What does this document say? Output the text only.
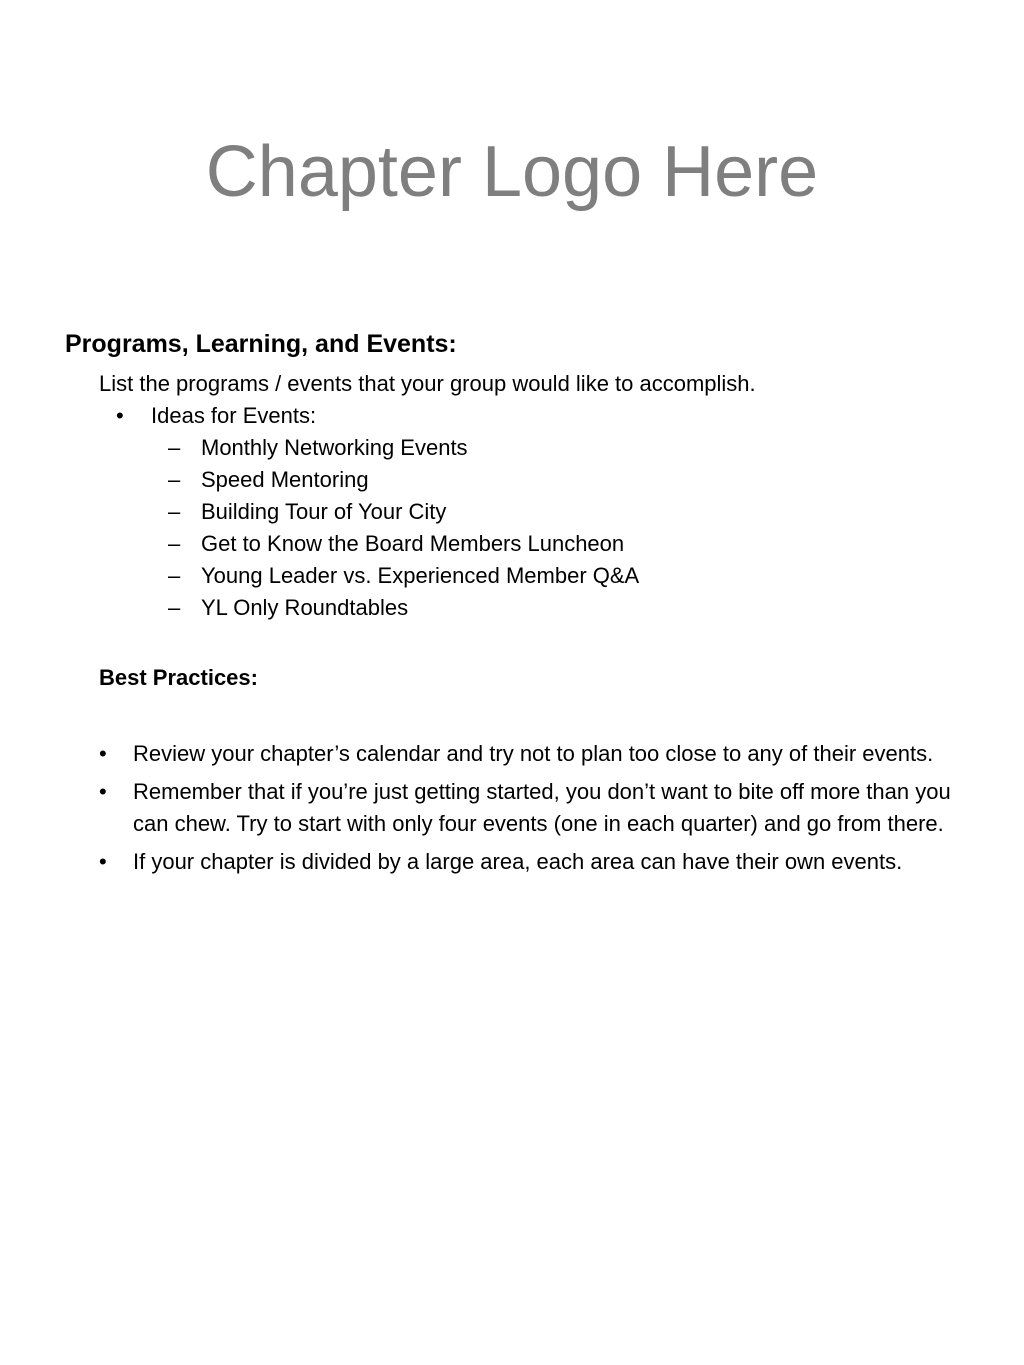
Chapter Logo Here
Programs, Learning, and Events:
List the programs / events that your group would like to accomplish.
• Ideas for Events:
– Monthly Networking Events
– Speed Mentoring
– Building Tour of Your City
– Get to Know the Board Members Luncheon
– Young Leader vs. Experienced Member Q&A
– YL Only Roundtables
Best Practices:
• Review your chapter’s calendar and try not to plan too close to any of their events.
• Remember that if you’re just getting started, you don’t want to bite off more than you can chew. Try to start with only four events (one in each quarter) and go from there.
• If your chapter is divided by a large area, each area can have their own events.
